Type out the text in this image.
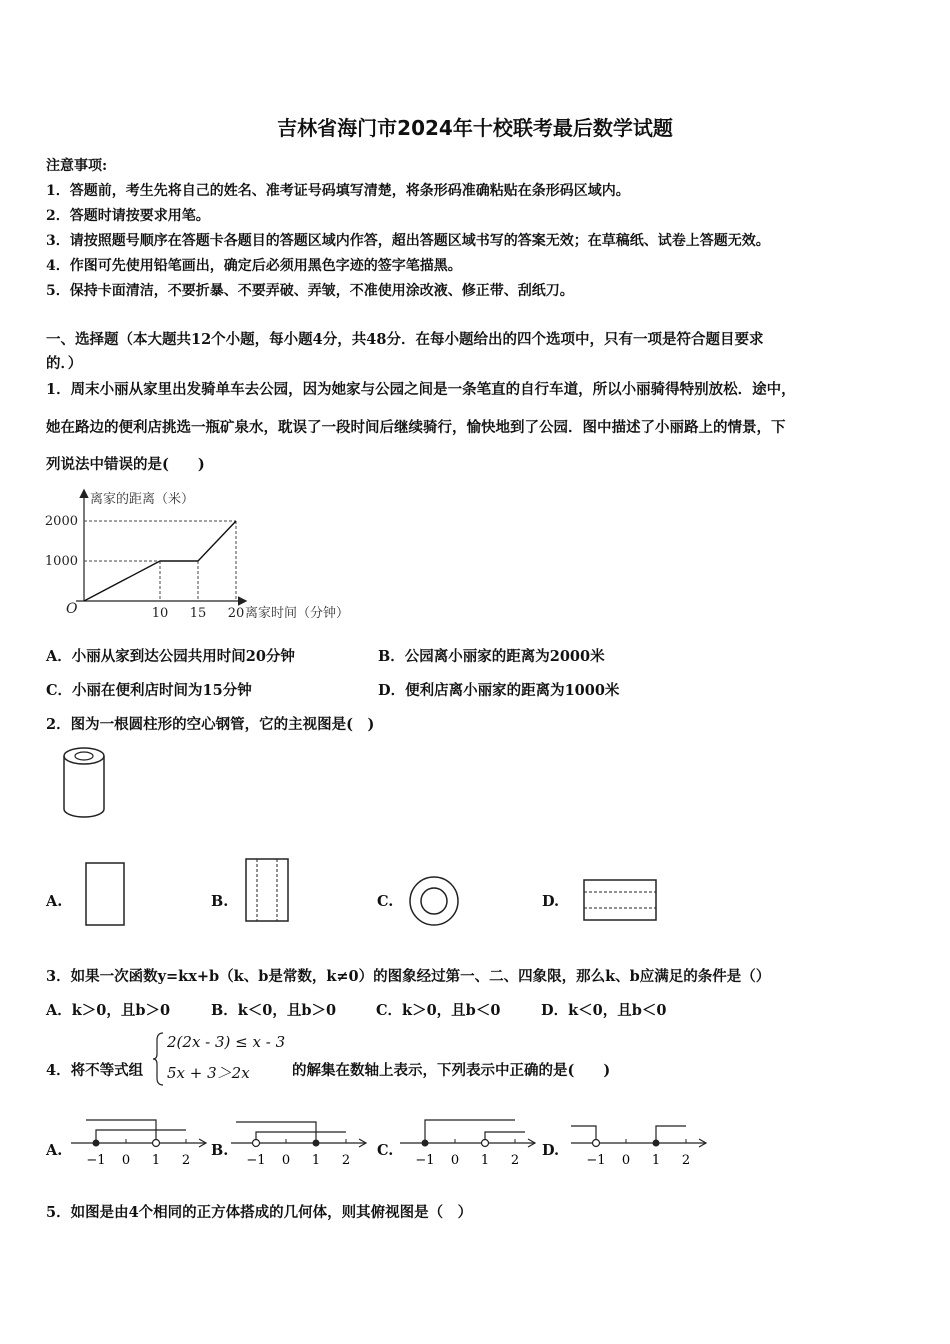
吉林省海门市2024年十校联考最后数学试题
注意事项:
1．答题前，考生先将自己的姓名、准考证号码填写清楚，将条形码准确粘贴在条形码区域内。
2．答题时请按要求用笔。
3．请按照题号顺序在答题卡各题目的答题区域内作答，超出答题区域书写的答案无效；在草稿纸、试卷上答题无效。
4．作图可先使用铅笔画出，确定后必须用黑色字迹的签字笔描黑。
5．保持卡面清洁，不要折暴、不要弄破、弄皱，不准使用涂改液、修正带、刮纸刀。
一、选择题（本大题共12个小题，每小题4分，共48分．在每小题给出的四个选项中，只有一项是符合题目要求
的．）
1．周末小丽从家里出发骑单车去公园，因为她家与公园之间是一条笔直的自行车道，所以小丽骑得特别放松．途中，
她在路边的便利店挑选一瓶矿泉水，耽误了一段时间后继续骑行，愉快地到了公园．图中描述了小丽路上的情景，下
列说法中错误的是(　　)
离家的距离（米）
离家时间（分钟）
O	10 15 20
1000
2000
A．小丽从家到达公园共用时间20分钟	B．公园离小丽家的距离为2000米
C．小丽在便利店时间为15分钟	D．便利店离小丽家的距离为1000米
2．图为一根圆柱形的空心钢管，它的主视图是(　)
A.	B.	C.	D.
3．如果一次函数y=kx+b（k、b是常数，k≠0）的图象经过第一、二、四象限，那么k、b应满足的条件是（）
A．k＞0，且b＞0	B．k＜0，且b＞0	C．k＞0，且b＜0	D．k＜0，且b＜0
4．将不等式组
2(2x - 3) ≤ x - 3
5x + 3＞2x	的解集在数轴上表示，下列表示中正确的是(　　)
A.	B.	C.	D.
−1 0 1 2	−1 0 1 2	−1 0 1 2	−1 0 1 2
5．如图是由4个相同的正方体搭成的几何体，则其俯视图是（　）
